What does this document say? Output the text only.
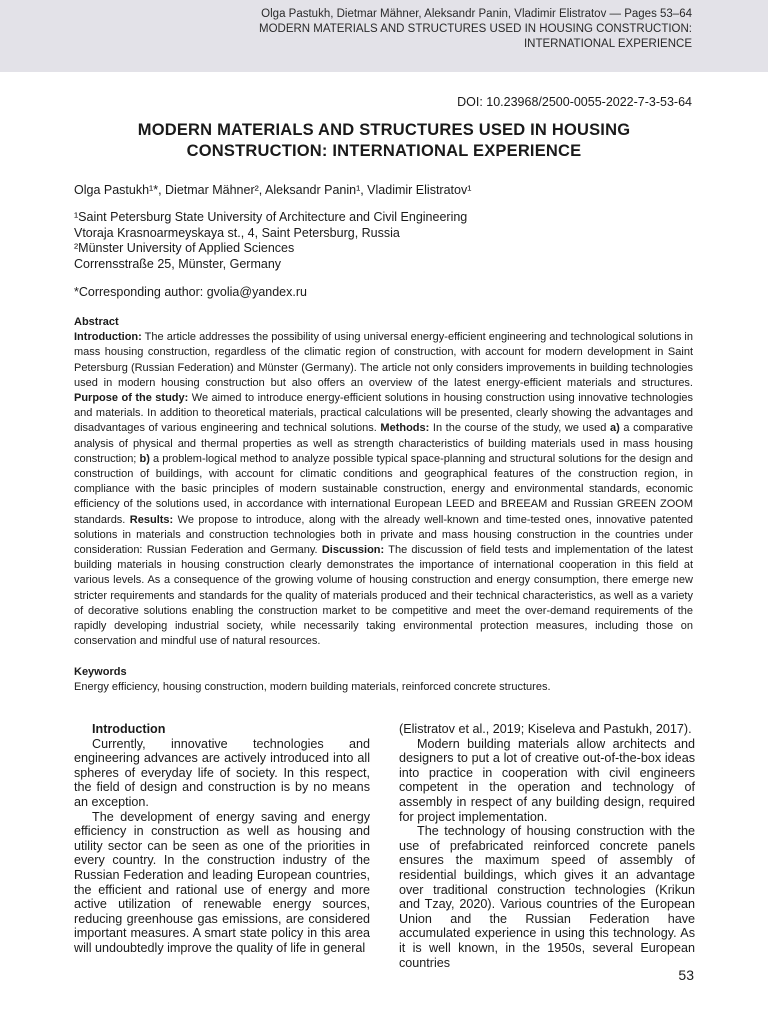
Olga Pastukh, Dietmar Mähner, Aleksandr Panin, Vladimir Elistratov — Pages 53–64
MODERN MATERIALS AND STRUCTURES USED IN HOUSING CONSTRUCTION:
INTERNATIONAL EXPERIENCE
DOI: 10.23968/2500-0055-2022-7-3-53-64
MODERN MATERIALS AND STRUCTURES USED IN HOUSING
CONSTRUCTION: INTERNATIONAL EXPERIENCE
Olga Pastukh¹*, Dietmar Mähner², Aleksandr Panin¹, Vladimir Elistratov¹
¹Saint Petersburg State University of Architecture and Civil Engineering
Vtoraja Krasnoarmeyskaya st., 4, Saint Petersburg, Russia
²Münster University of Applied Sciences
Corrensstraße 25, Münster, Germany
*Corresponding author: gvolia@yandex.ru
Abstract
Introduction: The article addresses the possibility of using universal energy-efficient engineering and technological solutions in mass housing construction, regardless of the climatic region of construction, with account for modern development in Saint Petersburg (Russian Federation) and Münster (Germany). The article not only considers improvements in building technologies used in modern housing construction but also offers an overview of the latest energy-efficient materials and structures. Purpose of the study: We aimed to introduce energy-efficient solutions in housing construction using innovative technologies and materials. In addition to theoretical materials, practical calculations will be presented, clearly showing the advantages and disadvantages of various engineering and technical solutions. Methods: In the course of the study, we used a) a comparative analysis of physical and thermal properties as well as strength characteristics of building materials used in mass housing construction; b) a problem-logical method to analyze possible typical space-planning and structural solutions for the design and construction of buildings, with account for climatic conditions and geographical features of the construction region, in compliance with the basic principles of modern sustainable construction, energy and environmental standards, economic efficiency of the solutions used, in accordance with international European LEED and BREEAM and Russian GREEN ZOOM standards. Results: We propose to introduce, along with the already well-known and time-tested ones, innovative patented solutions in materials and construction technologies both in private and mass housing construction in the countries under consideration: Russian Federation and Germany. Discussion: The discussion of field tests and implementation of the latest building materials in housing construction clearly demonstrates the importance of international cooperation in this field at various levels. As a consequence of the growing volume of housing construction and energy consumption, there emerge new stricter requirements and standards for the quality of materials produced and their technical characteristics, as well as a variety of decorative solutions enabling the construction market to be competitive and meet the over-demand requirements of the rapidly developing industrial society, while necessarily taking environmental protection measures, including those on conservation and mindful use of natural resources.
Keywords
Energy efficiency, housing construction, modern building materials, reinforced concrete structures.

Introduction

Currently, innovative technologies and engineering advances are actively introduced into all spheres of everyday life of society. In this respect, the field of design and construction is by no means an exception.

The development of energy saving and energy efficiency in construction as well as housing and utility sector can be seen as one of the priorities in every country. In the construction industry of the Russian Federation and leading European countries, the efficient and rational use of energy and more active utilization of renewable energy sources, reducing greenhouse gas emissions, are considered important measures. A smart state policy in this area will undoubtedly improve the quality of life in general

(Elistratov et al., 2019; Kiseleva and Pastukh, 2017).

Modern building materials allow architects and designers to put a lot of creative out-of-the-box ideas into practice in cooperation with civil engineers competent in the operation and technology of assembly in respect of any building design, required for project implementation.

The technology of housing construction with the use of prefabricated reinforced concrete panels ensures the maximum speed of assembly of residential buildings, which gives it an advantage over traditional construction technologies (Krikun and Tzay, 2020). Various countries of the European Union and the Russian Federation have accumulated experience in using this technology. As it is well known, in the 1950s, several European countries

53
